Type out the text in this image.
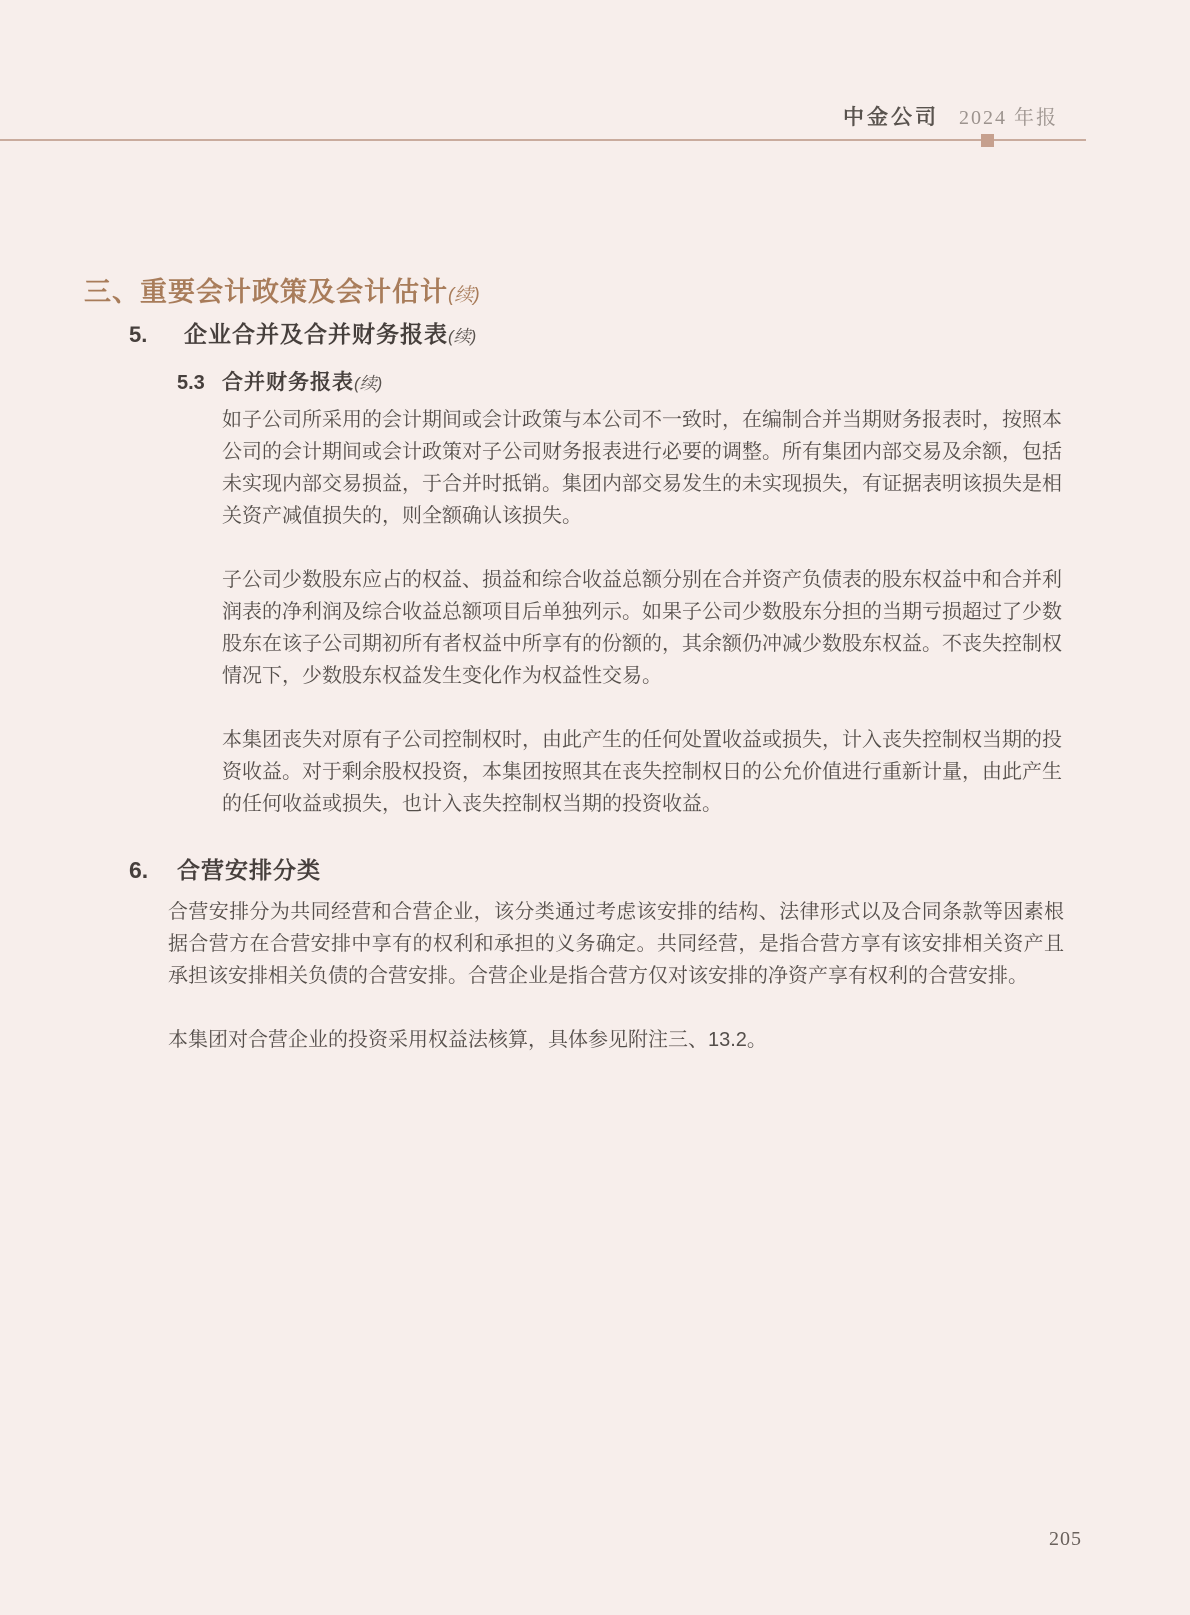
中金公司 2024 年报
三、重要会计政策及会计估计(续)
5.	企业合并及合并财务报表(续)
5.3 合并财务报表(续)

如子公司所采用的会计期间或会计政策与本公司不一致时，在编制合并当期财务报表时，按照本公司的会计期间或会计政策对子公司财务报表进行必要的调整。所有集团内部交易及余额，包括未实现内部交易损益，于合并时抵销。集团内部交易发生的未实现损失，有证据表明该损失是相关资产减值损失的，则全额确认该损失。

子公司少数股东应占的权益、损益和综合收益总额分别在合并资产负债表的股东权益中和合并利润表的净利润及综合收益总额项目后单独列示。如果子公司少数股东分担的当期亏损超过了少数股东在该子公司期初所有者权益中所享有的份额的，其余额仍冲减少数股东权益。不丧失控制权情况下，少数股东权益发生变化作为权益性交易。

本集团丧失对原有子公司控制权时，由此产生的任何处置收益或损失，计入丧失控制权当期的投资收益。对于剩余股权投资，本集团按照其在丧失控制权日的公允价值进行重新计量，由此产生的任何收益或损失，也计入丧失控制权当期的投资收益。

6.	合营安排分类

合营安排分为共同经营和合营企业，该分类通过考虑该安排的结构、法律形式以及合同条款等因素根据合营方在合营安排中享有的权利和承担的义务确定。共同经营，是指合营方享有该安排相关资产且承担该安排相关负债的合营安排。合营企业是指合营方仅对该安排的净资产享有权利的合营安排。

本集团对合营企业的投资采用权益法核算，具体参见附注三、13.2。

205
